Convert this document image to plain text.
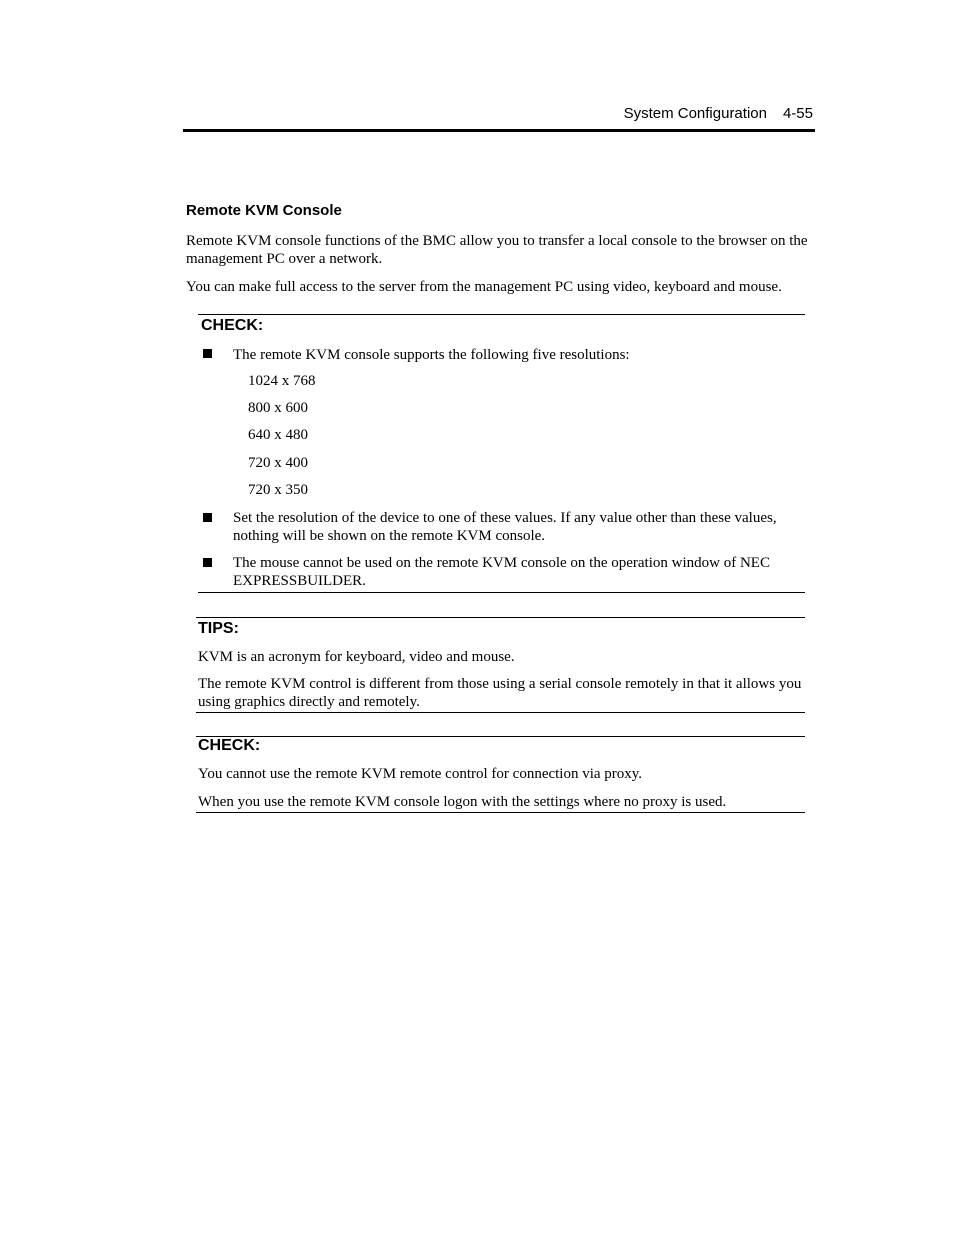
System Configuration 4-55
Remote KVM Console
Remote KVM console functions of the BMC allow you to transfer a local console to the browser on the management PC over a network.
You can make full access to the server from the management PC using video, keyboard and mouse.
CHECK:
The remote KVM console supports the following five resolutions:
1024 x 768
800 x 600
640 x 480
720 x 400
720 x 350
Set the resolution of the device to one of these values. If any value other than these values, nothing will be shown on the remote KVM console.
The mouse cannot be used on the remote KVM console on the operation window of NEC EXPRESSBUILDER.
TIPS:
KVM is an acronym for keyboard, video and mouse.
The remote KVM control is different from those using a serial console remotely in that it allows you using graphics directly and remotely.
CHECK:
You cannot use the remote KVM remote control for connection via proxy.
When you use the remote KVM console logon with the settings where no proxy is used.
